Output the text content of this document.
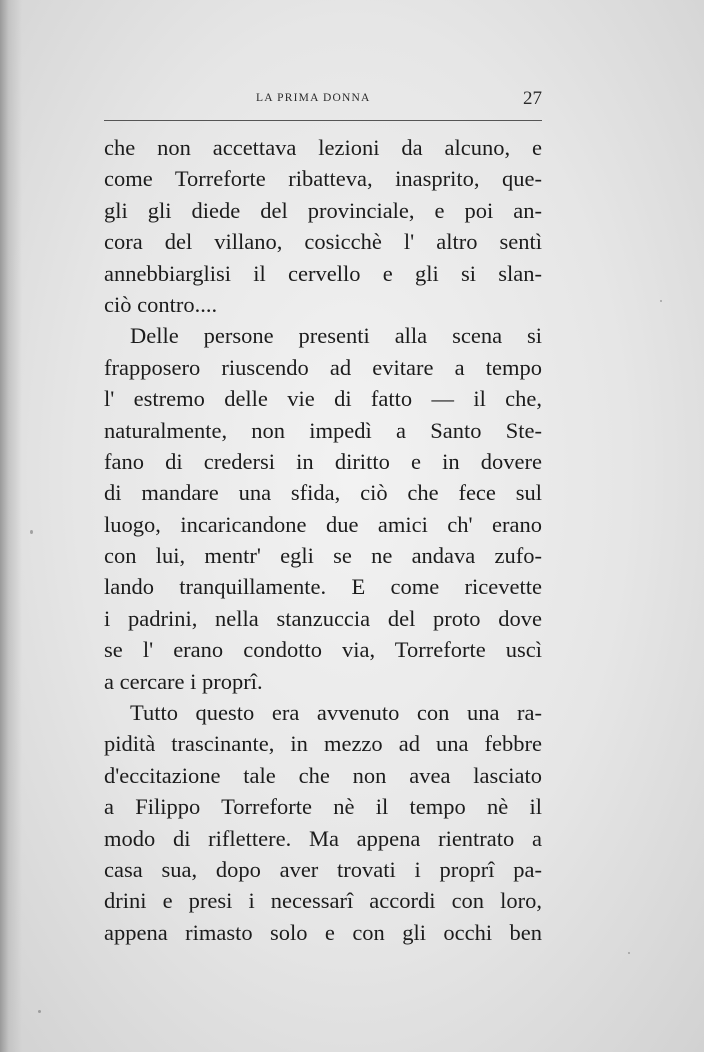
LA PRIMA DONNA	27
che non accettava lezioni da alcuno, e
come Torreforte ribatteva, inasprito, que-
gli gli diede del provinciale, e poi an-
cora del villano, cosicchè l' altro sentì
annebbiarglisi il cervello e gli si slan-
ciò contro....
Delle persone presenti alla scena si
frapposero riuscendo ad evitare a tempo
l' estremo delle vie di fatto — il che,
naturalmente, non impedì a Santo Ste-
fano di credersi in diritto e in dovere
di mandare una sfida, ciò che fece sul
luogo, incaricandone due amici ch' erano
con lui, mentr' egli se ne andava zufo-
lando tranquillamente. E come ricevette
i padrini, nella stanzuccia del proto dove
se l' erano condotto via, Torreforte uscì
a cercare i proprî.
Tutto questo era avvenuto con una ra-
pidità trascinante, in mezzo ad una febbre
d'eccitazione tale che non avea lasciato
a Filippo Torreforte nè il tempo nè il
modo di riflettere. Ma appena rientrato a
casa sua, dopo aver trovati i proprî pa-
drini e presi i necessarî accordi con loro,
appena rimasto solo e con gli occhi ben
